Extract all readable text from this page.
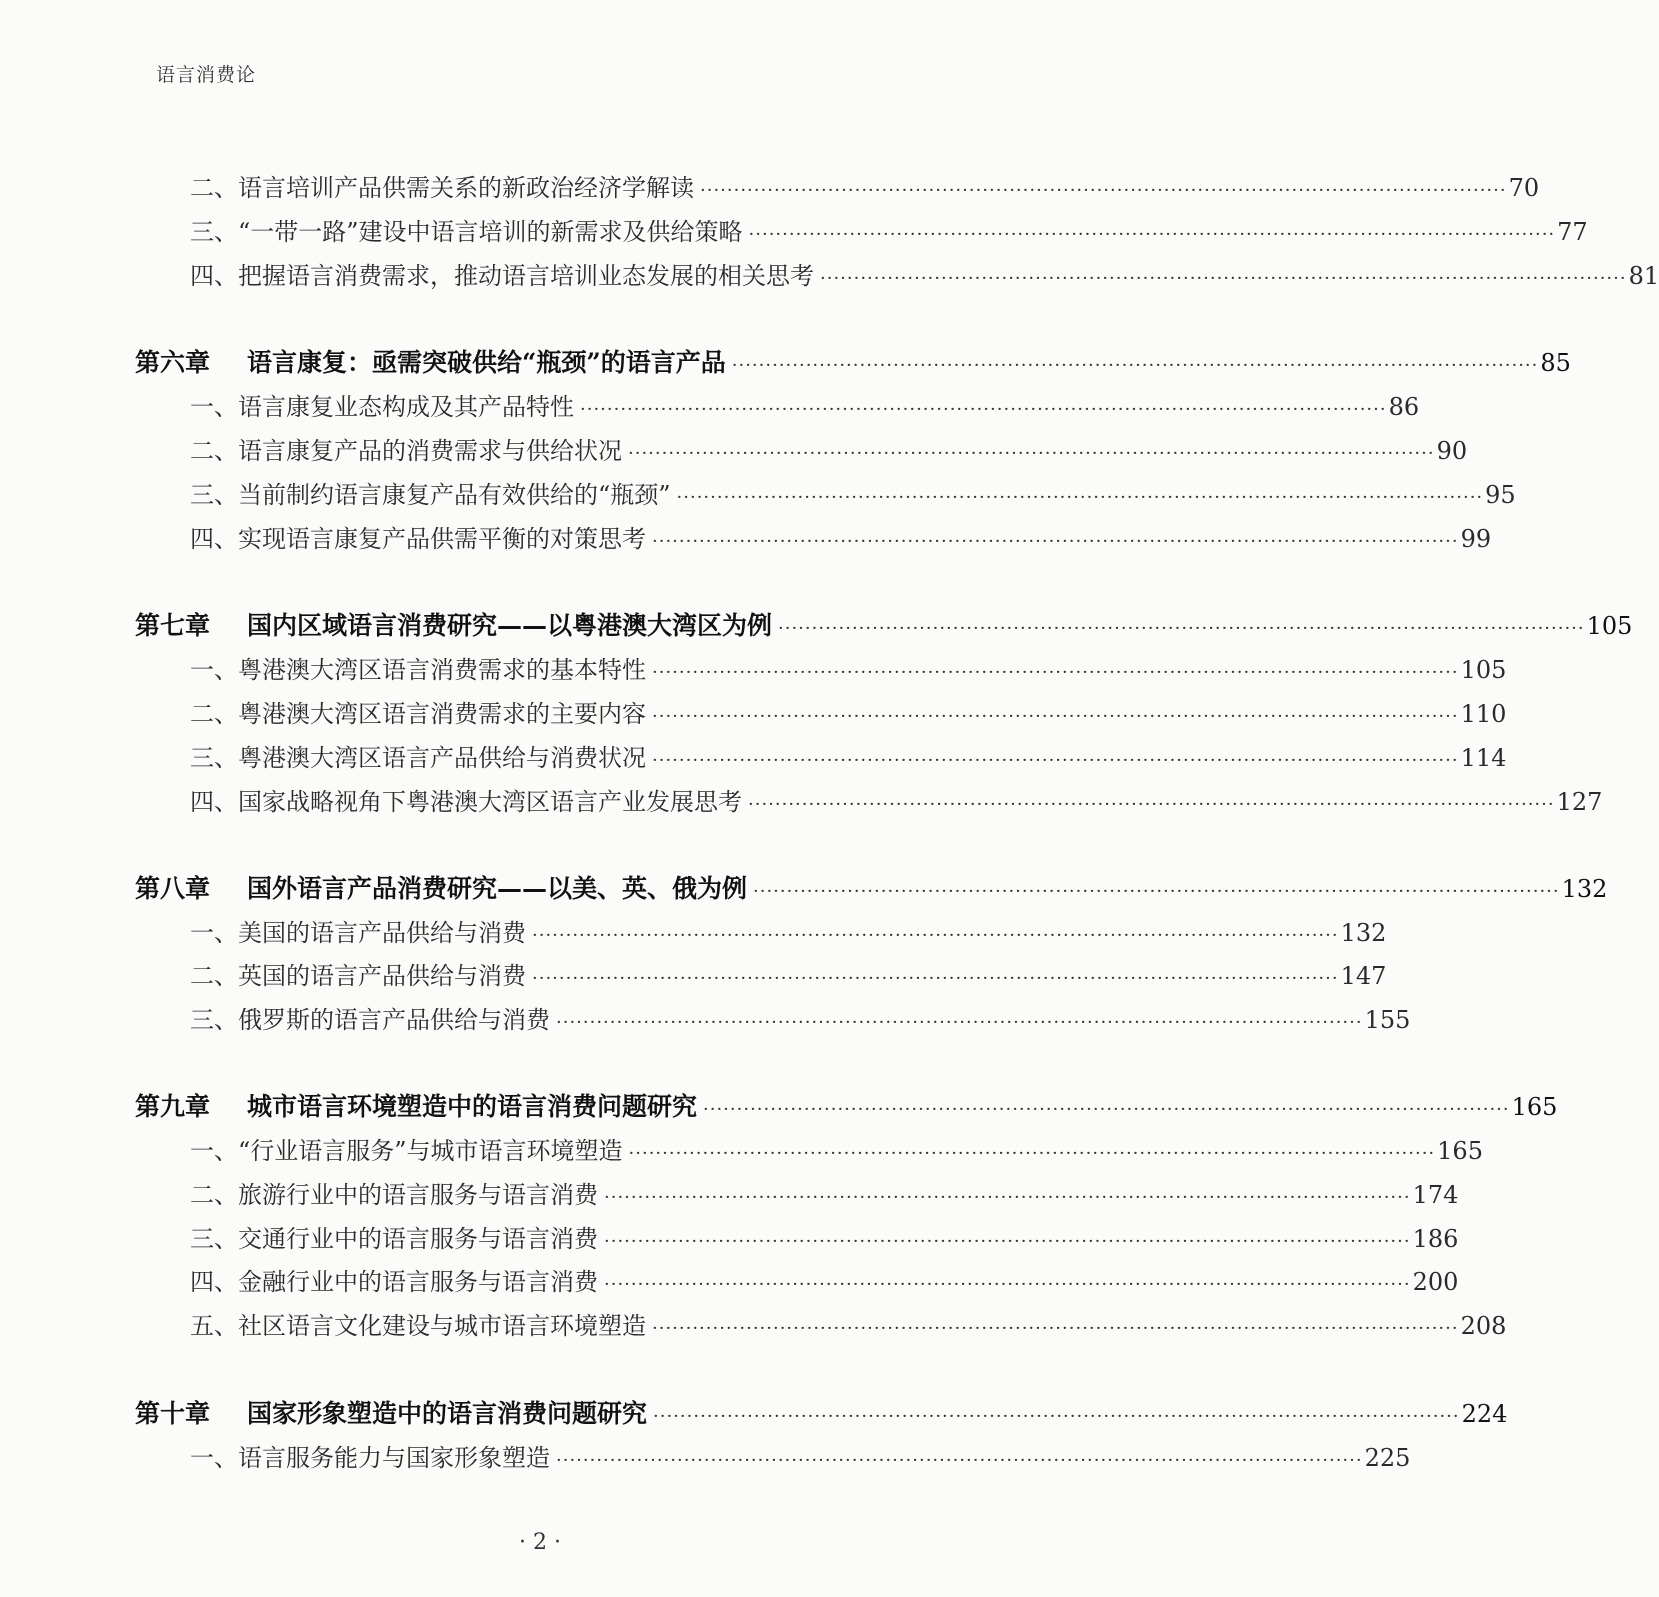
语言消费论
二、 语言培训产品供需关系的新政治经济学解读 ························································································································ 70
三、 “一带一路”建设中语言培训的新需求及供给策略 ························································································································ 77
四、 把握语言消费需求，推动语言培训业态发展的相关思考 ························································································································ 81
第六章	语言康复：亟需突破供给“瓶颈”的语言产品 ························································································································ 85
一、 语言康复业态构成及其产品特性 ························································································································ 86
二、 语言康复产品的消费需求与供给状况 ························································································································ 90
三、 当前制约语言康复产品有效供给的“瓶颈” ························································································································ 95
四、 实现语言康复产品供需平衡的对策思考 ························································································································ 99
第七章	国内区域语言消费研究——以粤港澳大湾区为例 ························································································································ 105
一、 粤港澳大湾区语言消费需求的基本特性 ························································································································ 105
二、 粤港澳大湾区语言消费需求的主要内容 ························································································································ 110
三、 粤港澳大湾区语言产品供给与消费状况 ························································································································ 114
四、 国家战略视角下粤港澳大湾区语言产业发展思考 ························································································································ 127
第八章	国外语言产品消费研究——以美、英、俄为例 ························································································································ 132
一、 美国的语言产品供给与消费 ························································································································ 132
二、 英国的语言产品供给与消费 ························································································································ 147
三、 俄罗斯的语言产品供给与消费 ························································································································ 155
第九章	城市语言环境塑造中的语言消费问题研究 ························································································································ 165
一、 “行业语言服务”与城市语言环境塑造 ························································································································ 165
二、 旅游行业中的语言服务与语言消费 ························································································································ 174
三、 交通行业中的语言服务与语言消费 ························································································································ 186
四、 金融行业中的语言服务与语言消费 ························································································································ 200
五、 社区语言文化建设与城市语言环境塑造 ························································································································ 208
第十章	国家形象塑造中的语言消费问题研究 ························································································································ 224
一、 语言服务能力与国家形象塑造 ························································································································ 225
· 2 ·
